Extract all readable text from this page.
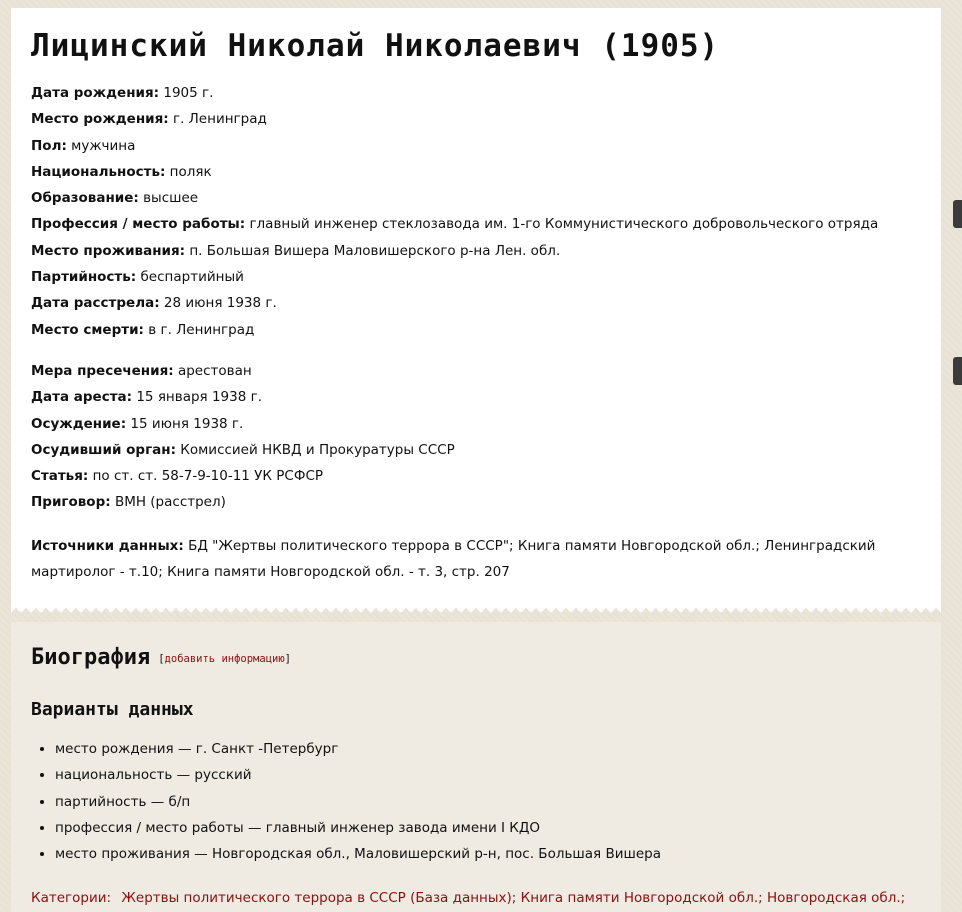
Лицинский Николай Николаевич (1905)
Дата рождения: 1905 г.
Место рождения: г. Ленинград
Пол: мужчина
Национальность: поляк
Образование: высшее
Профессия / место работы: главный инженер стеклозавода им. 1-го Коммунистического добровольческого отряда
Место проживания: п. Большая Вишера Маловишерского р-на Лен. обл.
Партийность: беспартийный
Дата расстрела: 28 июня 1938 г.
Место смерти: в г. Ленинград
Мера пресечения: арестован
Дата ареста: 15 января 1938 г.
Осуждение: 15 июня 1938 г.
Осудивший орган: Комиссией НКВД и Прокуратуры СССР
Статья: по ст. ст. 58-7-9-10-11 УК РСФСР
Приговор: ВМН (расстрел)
Источники данных: БД "Жертвы политического террора в СССР"; Книга памяти Новгородской обл.; Ленинградский мартиролог - т.10; Книга памяти Новгородской обл. - т. 3, стр. 207
Биография [добавить информацию]
Варианты данных
• место рождения — г. Санкт -Петербург
• национальность — русский
• партийность — б/п
• профессия / место работы — главный инженер завода имени I КДО
• место проживания — Новгородская обл., Маловишерский р-н, пос. Большая Вишера
Категории: Жертвы политического террора в СССР (База данных); Книга памяти Новгородской обл.; Новгородская обл.;
